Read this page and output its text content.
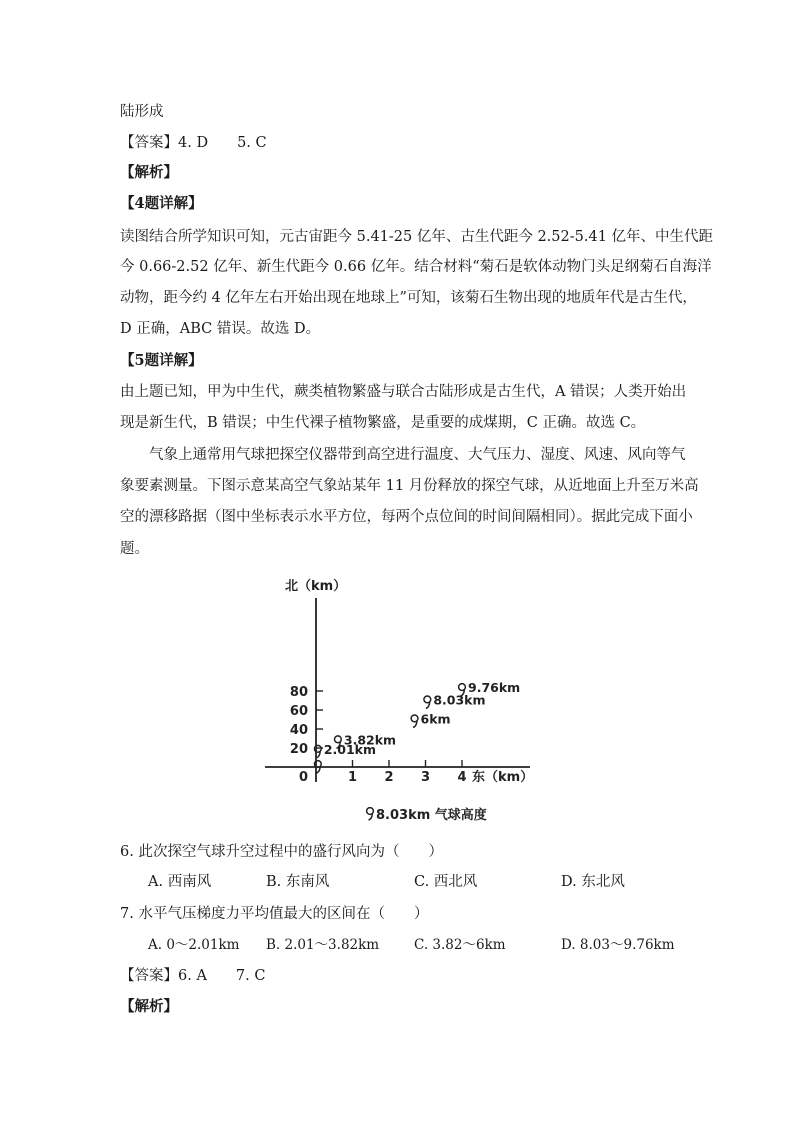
陆形成
【答案】4. D　　5. C
【解析】
【4题详解】
读图结合所学知识可知，元古宙距今 5.41-25 亿年、古生代距今 2.52-5.41 亿年、中生代距
今 0.66-2.52 亿年、新生代距今 0.66 亿年。结合材料“菊石是软体动物门头足纲菊石自海洋
动物，距今约 4 亿年左右开始出现在地球上”可知，该菊石生物出现的地质年代是古生代，
D 正确，ABC 错误。故选 D。
【5题详解】
由上题已知，甲为中生代，蕨类植物繁盛与联合古陆形成是古生代，A 错误；人类开始出
现是新生代，B 错误；中生代裸子植物繁盛，是重要的成煤期，C 正确。故选 C。
　　气象上通常用气球把探空仪器带到高空进行温度、大气压力、湿度、风速、风向等气
象要素测量。下图示意某高空气象站某年 11 月份释放的探空气球，从近地面上升至万米高
空的漂移路据（图中坐标表示水平方位，每两个点位间的时间间隔相同）。据此完成下面小
题。
北（km）
东（km）
0	1 2 3 4
20
40
60
80
2.01km
3.82km
6km
8.03km
9.76km
8.03km 气球高度
6. 此次探空气球升空过程中的盛行风向为（　　）
A. 西南风	B. 东南风	C. 西北风	D. 东北风
7. 水平气压梯度力平均值最大的区间在（　　）
A. 0～2.01km B. 2.01～3.82km	C. 3.82～6km	D. 8.03～9.76km
【答案】6. A　　7. C
【解析】
